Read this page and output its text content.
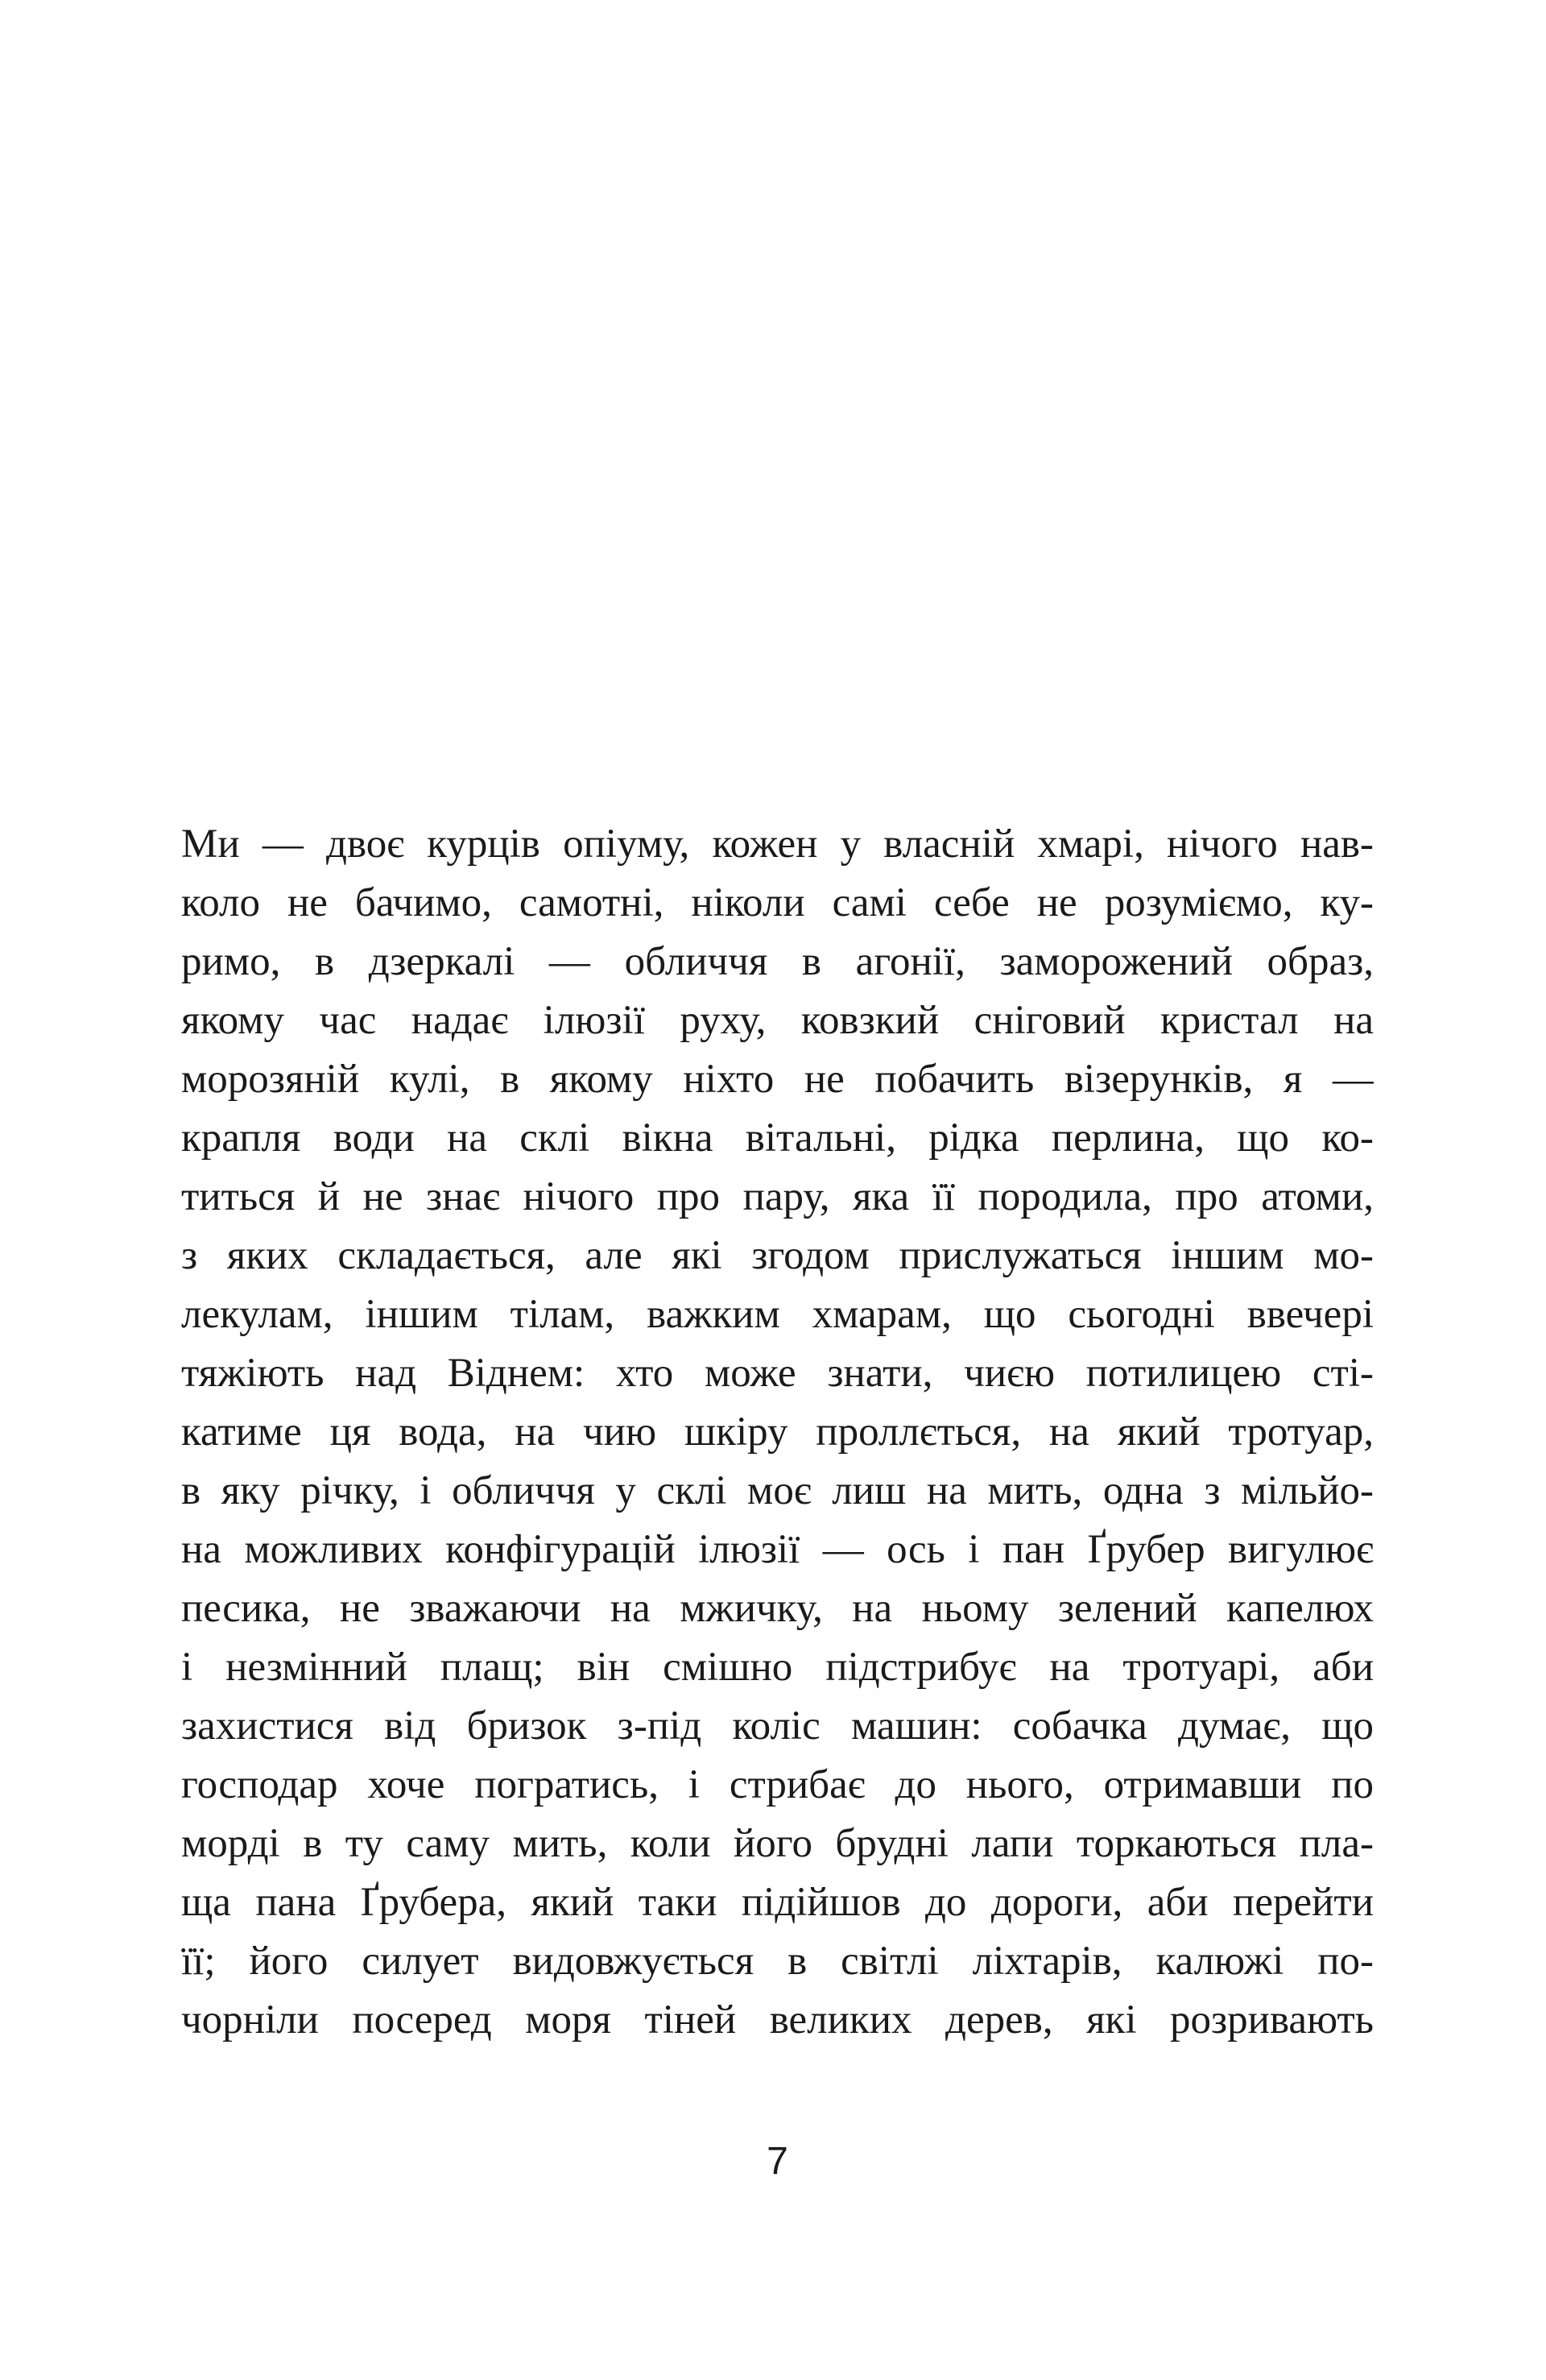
Ми — двоє курців опіуму, кожен у власній хмарі, нічого нав-

коло не бачимо, самотні, ніколи самі себе не розуміємо, ку-

римо, в дзеркалі — обличчя в агонії, заморожений образ,

якому час надає ілюзії руху, ковзкий сніговий кристал на

морозяній кулі, в якому ніхто не побачить візерунків, я —

крапля води на склі вікна вітальні, рідка перлина, що ко-

титься й не знає нічого про пару, яка її породила, про атоми,

з яких складається, але які згодом прислужаться іншим мо-

лекулам, іншим тілам, важким хмарам, що сьогодні ввечері

тяжіють над Віднем: хто може знати, чиєю потилицею сті-

катиме ця вода, на чию шкіру проллється, на який тротуар,

в яку річку, і обличчя у склі моє лиш на мить, одна з мільйо-

на можливих конфігурацій ілюзії — ось і пан Ґрубер вигулює

песика, не зважаючи на мжичку, на ньому зелений капелюх

і незмінний плащ; він смішно підстрибує на тротуарі, аби

захистися від бризок з-під коліс машин: собачка думає, що

господар хоче погратись, і стрибає до нього, отримавши по

морді в ту саму мить, коли його брудні лапи торкаються пла-

ща пана Ґрубера, який таки підійшов до дороги, аби перейти

її; його силует видовжується в світлі ліхтарів, калюжі по-

чорніли посеред моря тіней великих дерев, які розривають

7
